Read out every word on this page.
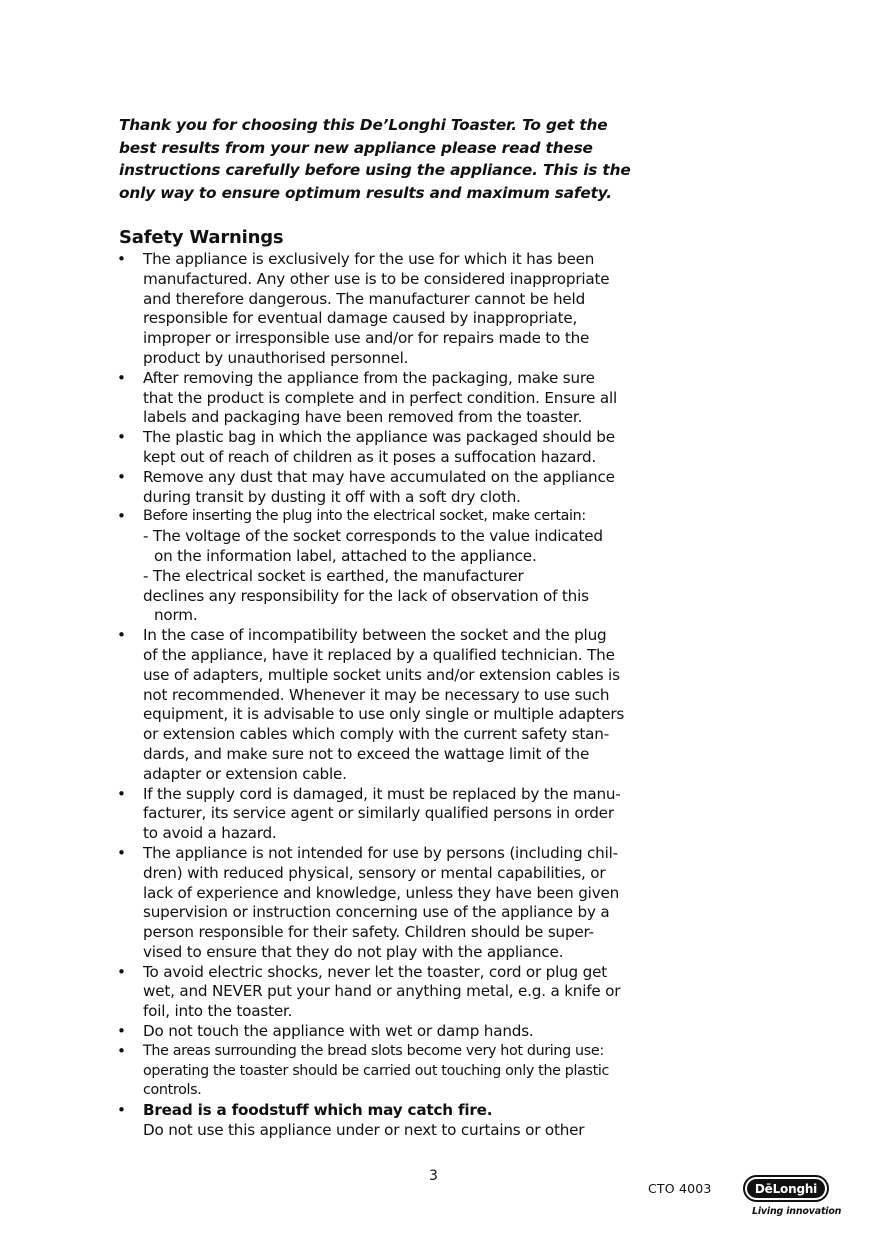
Thank you for choosing this De’Longhi Toaster. To get the
best results from your new appliance please read these
instructions carefully before using the appliance. This is the
only way to ensure optimum results and maximum safety.
Safety Warnings
• The appliance is exclusively for the use for which it has been
manufactured. Any other use is to be considered inappropriate
and therefore dangerous. The manufacturer cannot be held
responsible for eventual damage caused by inappropriate,
improper or irresponsible use and/or for repairs made to the
product by unauthorised personnel.
• After removing the appliance from the packaging, make sure
that the product is complete and in perfect condition. Ensure all
labels and packaging have been removed from the toaster.
• The plastic bag in which the appliance was packaged should be
kept out of reach of children as it poses a suffocation hazard.
• Remove any dust that may have accumulated on the appliance
during transit by dusting it off with a soft dry cloth.
• Before inserting the plug into the electrical socket, make certain:
- The voltage of the socket corresponds to the value indicated
on the information label, attached to the appliance.
- The electrical socket is earthed, the manufacturer
declines any responsibility for the lack of observation of this
norm.
• In the case of incompatibility between the socket and the plug
of the appliance, have it replaced by a qualified technician. The
use of adapters, multiple socket units and/or extension cables is
not recommended. Whenever it may be necessary to use such
equipment, it is advisable to use only single or multiple adapters
or extension cables which comply with the current safety stan-
dards, and make sure not to exceed the wattage limit of the
adapter or extension cable.
• If the supply cord is damaged, it must be replaced by the manu-
facturer, its service agent or similarly qualified persons in order
to avoid a hazard.
• The appliance is not intended for use by persons (including chil-
dren) with reduced physical, sensory or mental capabilities, or
lack of experience and knowledge, unless they have been given
supervision or instruction concerning use of the appliance by a
person responsible for their safety. Children should be super-
vised to ensure that they do not play with the appliance.
• To avoid electric shocks, never let the toaster, cord or plug get
wet, and NEVER put your hand or anything metal, e.g. a knife or
foil, into the toaster.
• Do not touch the appliance with wet or damp hands.
• The areas surrounding the bread slots become very hot during use:
operating the toaster should be carried out touching only the plastic
controls.
• Bread is a foodstuff which may catch fire.
Do not use this appliance under or next to curtains or other
3
CTO 4003	DēLonghi
Living innovation
